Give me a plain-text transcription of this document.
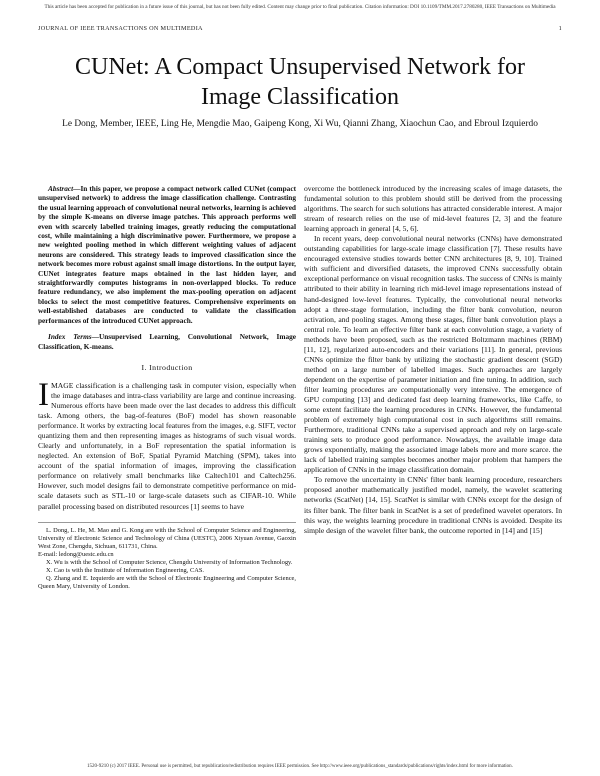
This article has been accepted for publication in a future issue of this journal, but has not been fully edited. Content may change prior to final publication. Citation information: DOI 10.1109/TMM.2017.2780280, IEEE Transactions on Multimedia
JOURNAL OF IEEE TRANSACTIONS ON MULTIMEDIA	1
CUNet: A Compact Unsupervised Network for Image Classification
Le Dong, Member, IEEE, Ling He, Mengdie Mao, Gaipeng Kong, Xi Wu, Qianni Zhang, Xiaochun Cao, and Ebroul Izquierdo

Abstract—In this paper, we propose a compact network called CUNet (compact unsupervised network) to address the image classification challenge. Contrasting the usual learning approach of convolutional neural networks, learning is achieved by the simple K-means on diverse image patches. This approach performs well even with scarcely labelled training images, greatly reducing the computational cost, while maintaining a high discriminative power. Furthermore, we propose a new weighted pooling method in which different weighting values of adjacent neurons are considered. This strategy leads to improved classification since the network becomes more robust against small image distortions. In the output layer, CUNet integrates feature maps obtained in the last hidden layer, and straightforwardly computes histograms in non-overlapped blocks. To reduce feature redundancy, we also implement the max-pooling operation on adjacent blocks to select the most competitive features. Comprehensive experiments on well-established databases are conducted to validate the classification performances of the introduced CUNet approach.

Index Terms—Unsupervised Learning, Convolutional Network, Image Classification, K-means.

I. Introduction

IMAGE classification is a challenging task in computer vision, especially when the image databases and intra-class variability are large and continue increasing. Numerous efforts have been made over the last decades to address this difficult task. Among others, the bag-of-features (BoF) model has shown reasonable performance. It works by extracting local features from the images, e.g. SIFT, vector quantizing them and then representing images as histograms of such visual words. Clearly and unfortunately, in a BoF representation the spatial information is neglected. An extension of BoF, Spatial Pyramid Matching (SPM), takes into account of the spatial information of images, improving the classification performance on relatively small benchmarks like Caltech101 and Caltech256. However, such model designs fail to demonstrate competitive performance on mid-scale datasets such as STL-10 or large-scale datasets such as CIFAR-10. While parallel processing based on distributed resources [1] seems to have

L. Dong, L. He, M. Mao and G. Kong are with the School of Computer Science and Engineering, University of Electronic Science and Technology of China (UESTC), 2006 Xiyuan Avenue, Gaoxin West Zone, Chengdu, Sichuan, 611731, China.

E-mail: ledong@uestc.edu.cn

X. Wu is with the School of Computer Science, Chengdu University of Information Technology.

X. Cao is with the Institute of Information Engineering, CAS.

Q. Zhang and E. Izquierdo are with the School of Electronic Engineering and Computer Science, Queen Mary, University of London.

overcome the bottleneck introduced by the increasing scales of image datasets, the fundamental solution to this problem should still be derived from the processing algorithms. The search for such solutions has attracted considerable interest. A major stream of research relies on the use of mid-level features [2, 3] and the feature learning approach in general [4, 5, 6].

In recent years, deep convolutional neural networks (CNNs) have demonstrated outstanding capabilities for large-scale image classification [7]. These results have encouraged extensive studies towards better CNN architectures [8, 9, 10]. Trained with sufficient and diversified datasets, the improved CNNs successfully obtain exceptional performance on visual recognition tasks. The success of CNNs is mainly attributed to their ability in learning rich mid-level image representations instead of hand-designed low-level features. Typically, the convolutional neural networks adopt a three-stage formulation, including the filter bank convolution, neuron activation, and pooling stages. Among these stages, filter bank convolution plays a central role. To learn an effective filter bank at each convolution stage, a variety of methods have been proposed, such as the restricted Boltzmann machines (RBM) [11, 12], regularized auto-encoders and their variations [11]. In general, previous CNNs optimize the filter bank by utilizing the stochastic gradient descent (SGD) method on a large number of labelled images. Such approaches are largely dependent on the expertise of parameter initiation and fine tuning. In addition, such filter learning procedures are computationally very intensive. The emergence of GPU computing [13] and dedicated fast deep learning frameworks, like Caffe, to some extent facilitate the learning procedures in CNNs. However, the fundamental problem of extremely high computational cost in such algorithms still remains. Furthermore, traditional CNNs take a supervised approach and rely on large-scale training sets to produce good performance. Nowadays, the available image data grows exponentially, making the associated image labels more and more scarce. the lack of labelled training samples becomes another major problem that hampers the application of CNNs in the image classification domain.

To remove the uncertainty in CNNs' filter bank learning procedure, researchers proposed another mathematically justified model, namely, the wavelet scattering networks (ScatNet) [14, 15]. ScatNet is similar with CNNs except for the design of its filter bank. The filter bank in ScatNet is a set of predefined wavelet operators. In this way, the weights learning procedure in traditional CNNs is avoided. Despite its simple design of the wavelet filter bank, the outcome reported in [14] and [15]

1520-9210 (c) 2017 IEEE. Personal use is permitted, but republication/redistribution requires IEEE permission. See http://www.ieee.org/publications_standards/publications/rights/index.html for more information.
